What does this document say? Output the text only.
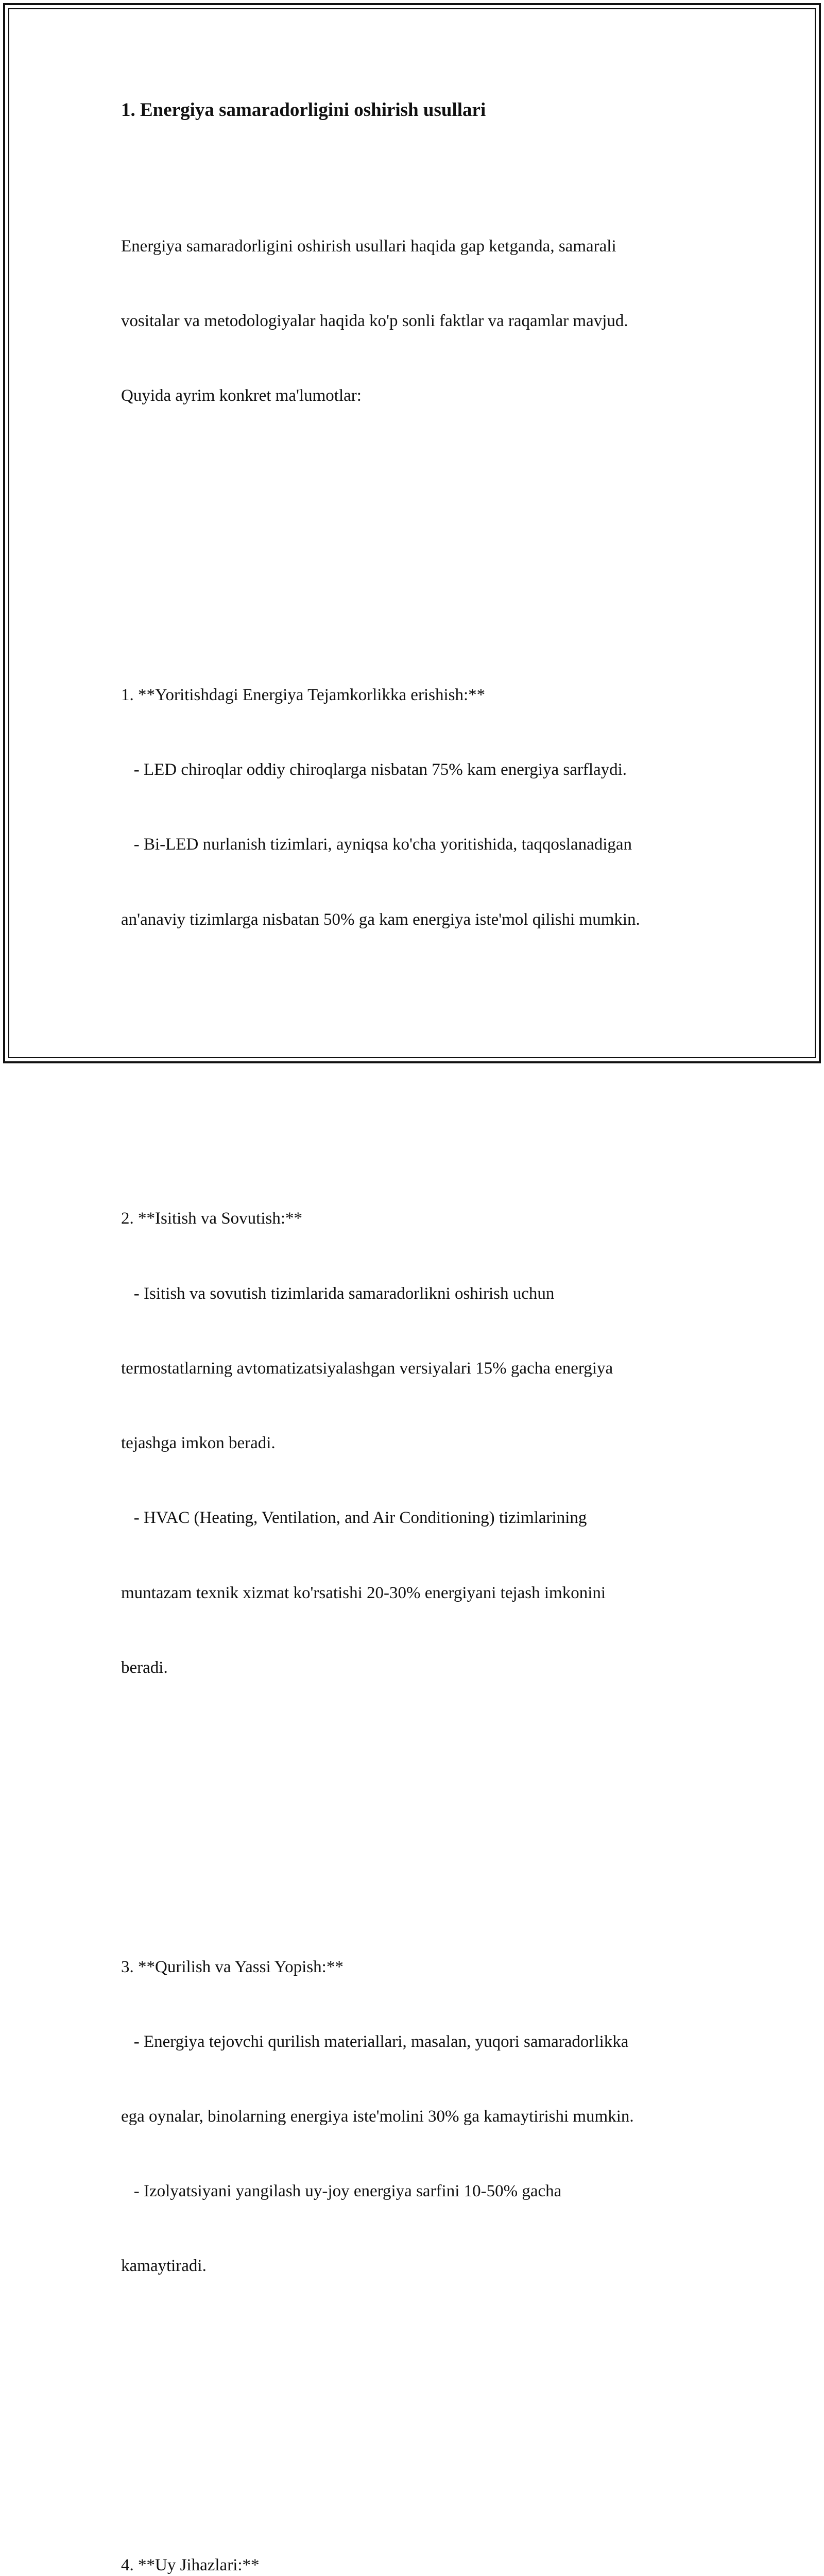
1. Energiya samaradorligini oshirish usullari

Energiya samaradorligini oshirish usullari haqida gap ketganda, samarali

vositalar va metodologiyalar haqida ko'p sonli faktlar va raqamlar mavjud.

Quyida ayrim konkret ma'lumotlar:

1. **Yoritishdagi Energiya Tejamkorlikka erishish:**

- LED chiroqlar oddiy chiroqlarga nisbatan 75% kam energiya sarflaydi.

- Bi-LED nurlanish tizimlari, ayniqsa ko'cha yoritishida, taqqoslanadigan

an'anaviy tizimlarga nisbatan 50% ga kam energiya iste'mol qilishi mumkin.

2. **Isitish va Sovutish:**

- Isitish va sovutish tizimlarida samaradorlikni oshirish uchun

termostatlarning avtomatizatsiyalashgan versiyalari 15% gacha energiya

tejashga imkon beradi.

- HVAC (Heating, Ventilation, and Air Conditioning) tizimlarining

muntazam texnik xizmat ko'rsatishi 20-30% energiyani tejash imkonini

beradi.

3. **Qurilish va Yassi Yopish:**

- Energiya tejovchi qurilish materiallari, masalan, yuqori samaradorlikka

ega oynalar, binolarning energiya iste'molini 30% ga kamaytirishi mumkin.

- Izolyatsiyani yangilash uy-joy energiya sarfini 10-50% gacha

kamaytiradi.

4. **Uy Jihazlari:**
